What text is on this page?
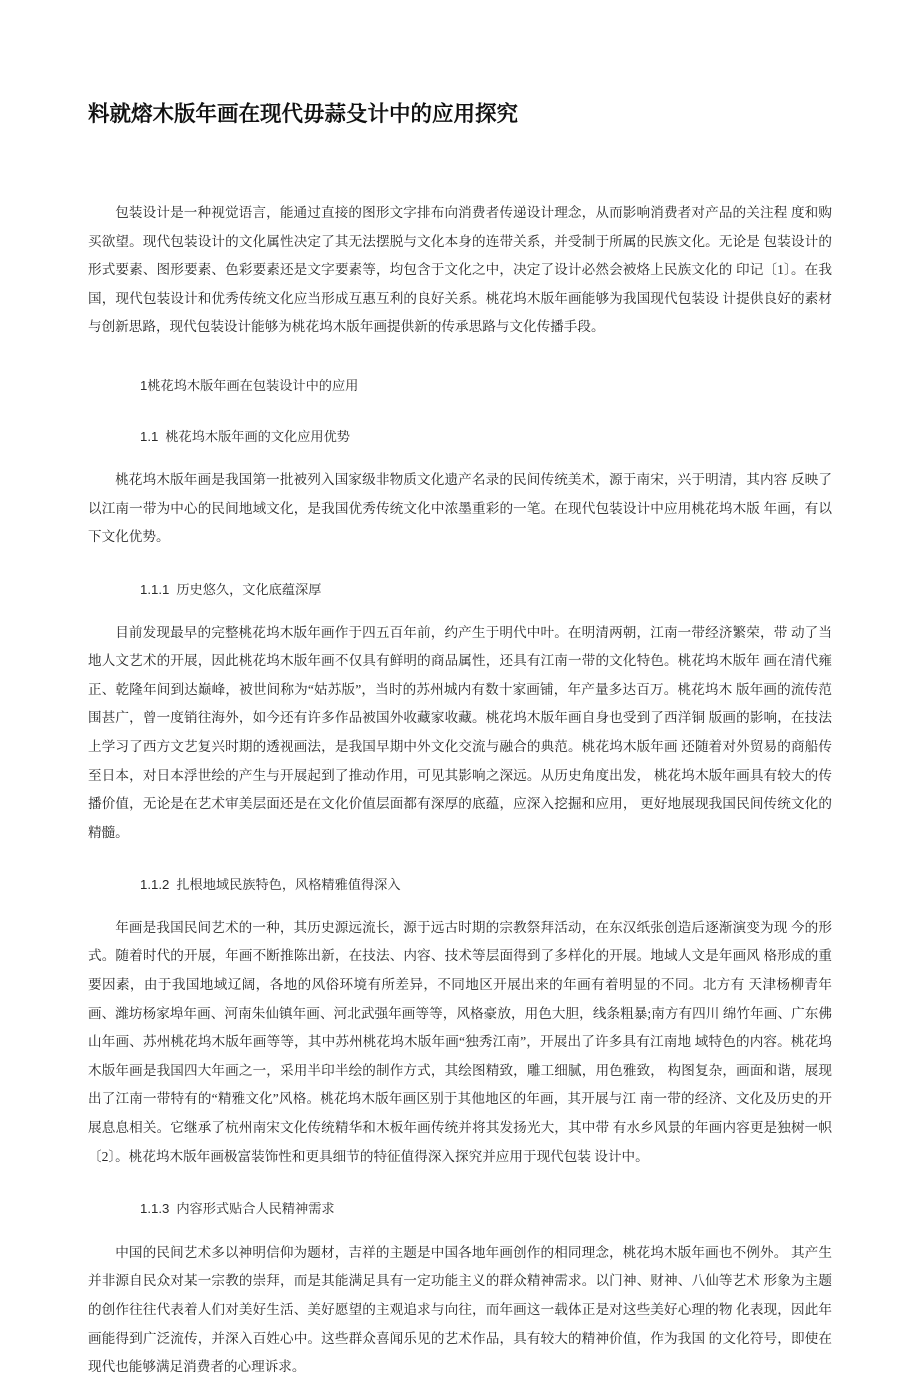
料就熔木版年画在现代毋蒜殳计中的应用探究

包装设计是一种视觉语言，能通过直接的图形文字排布向消费者传递设计理念，从而影响消费者对产品的关注程 度和购买欲望。现代包装设计的文化属性决定了其无法摆脱与文化本身的连带关系，并受制于所属的民族文化。无论是 包装设计的形式要素、图形要素、色彩要素还是文字要素等，均包含于文化之中，决定了设计必然会被烙上民族文化的 印记〔1〕。在我国，现代包装设计和优秀传统文化应当形成互惠互利的良好关系。桃花坞木版年画能够为我国现代包装设 计提供良好的素材与创新思路，现代包装设计能够为桃花坞木版年画提供新的传承思路与文化传播手段。

1桃花坞木版年画在包装设计中的应用

1.1 桃花坞木版年画的文化应用优势

桃花坞木版年画是我国第一批被列入国家级非物质文化遗产名录的民间传统美术，源于南宋，兴于明清，其内容 反映了以江南一带为中心的民间地域文化，是我国优秀传统文化中浓墨重彩的一笔。在现代包装设计中应用桃花坞木版 年画，有以下文化优势。

1.1.1 历史悠久，文化底蕴深厚

目前发现最早的完整桃花坞木版年画作于四五百年前，约产生于明代中叶。在明清两朝，江南一带经济繁荣，带 动了当地人文艺术的开展，因此桃花坞木版年画不仅具有鲜明的商品属性，还具有江南一带的文化特色。桃花坞木版年 画在清代雍正、乾隆年间到达巅峰，被世间称为“姑苏版”，当时的苏州城内有数十家画铺，年产量多达百万。桃花坞木 版年画的流传范围甚广，曾一度销往海外，如今还有许多作品被国外收藏家收藏。桃花坞木版年画自身也受到了西洋铜 版画的影响，在技法上学习了西方文艺复兴时期的透视画法，是我国早期中外文化交流与融合的典范。桃花坞木版年画 还随着对外贸易的商船传至日本，对日本浮世绘的产生与开展起到了推动作用，可见其影响之深远。从历史角度出发， 桃花坞木版年画具有较大的传播价值，无论是在艺术审美层面还是在文化价值层面都有深厚的底蕴，应深入挖掘和应用， 更好地展现我国民间传统文化的精髓。

1.1.2 扎根地域民族特色，风格精雅值得深入

年画是我国民间艺术的一种，其历史源远流长，源于远古时期的宗教祭拜活动，在东汉纸张创造后逐渐演变为现 今的形式。随着时代的开展，年画不断推陈出新，在技法、内容、技术等层面得到了多样化的开展。地域人文是年画风 格形成的重要因素，由于我国地域辽阔，各地的风俗环境有所差异，不同地区开展出来的年画有着明显的不同。北方有 天津杨柳青年画、潍坊杨家埠年画、河南朱仙镇年画、河北武强年画等等，风格豪放，用色大胆，线条粗暴;南方有四川 绵竹年画、广东佛山年画、苏州桃花坞木版年画等等，其中苏州桃花坞木版年画“独秀江南”，开展出了许多具有江南地 域特色的内容。桃花坞木版年画是我国四大年画之一，采用半印半绘的制作方式，其绘图精致，雕工细腻，用色雅致， 构图复杂，画面和谐，展现出了江南一带特有的“精雅文化”风格。桃花坞木版年画区别于其他地区的年画，其开展与江 南一带的经济、文化及历史的开展息息相关。它继承了杭州南宋文化传统精华和木板年画传统并将其发扬光大，其中带 有水乡风景的年画内容更是独树一帜〔2〕。桃花坞木版年画极富装饰性和更具细节的特征值得深入探究并应用于现代包装 设计中。

1.1.3 内容形式贴合人民精神需求

中国的民间艺术多以神明信仰为题材，吉祥的主题是中国各地年画创作的相同理念，桃花坞木版年画也不例外。 其产生并非源自民众对某一宗教的崇拜，而是其能满足具有一定功能主义的群众精神需求。以门神、财神、八仙等艺术 形象为主题的创作往往代表着人们对美好生活、美好愿望的主观追求与向往，而年画这一载体正是对这些美好心理的物 化表现，因此年画能得到广泛流传，并深入百姓心中。这些群众喜闻乐见的艺术作品，具有较大的精神价值，作为我国 的文化符号，即使在现代也能够满足消费者的心理诉求。
